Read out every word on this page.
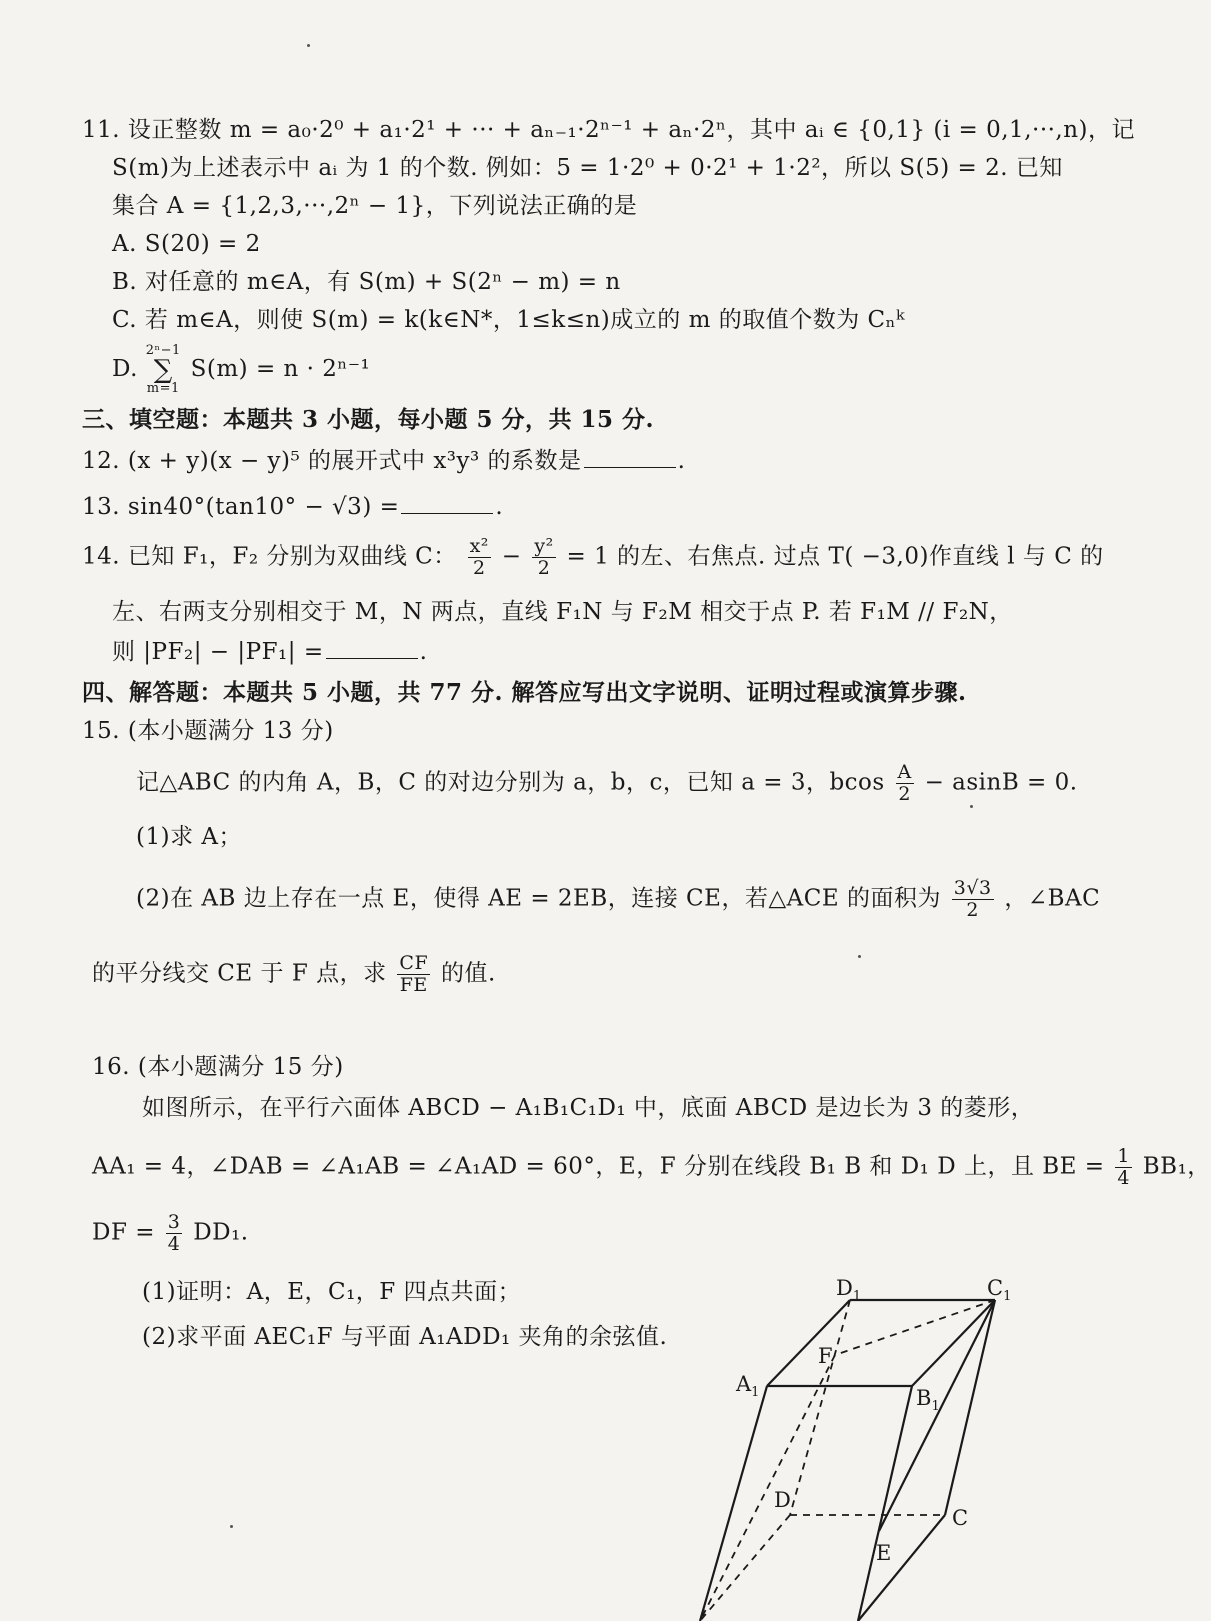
11. 设正整数 m = a₀·2⁰ + a₁·2¹ + ··· + aₙ₋₁·2ⁿ⁻¹ + aₙ·2ⁿ，其中 aᵢ ∈ {0,1} (i = 0,1,···,n)，记
S(m)为上述表示中 aᵢ 为 1 的个数. 例如：5 = 1·2⁰ + 0·2¹ + 1·2²，所以 S(5) = 2. 已知
集合 A = {1,2,3,···,2ⁿ − 1}，下列说法正确的是
A. S(20) = 2
B. 对任意的 m∈A，有 S(m) + S(2ⁿ − m) = n
C. 若 m∈A，则使 S(m) = k(k∈N*，1≤k≤n)成立的 m 的取值个数为 Cₙᵏ
D.
2ⁿ−1
∑
m=1
S(m) = n · 2ⁿ⁻¹
三、填空题：本题共 3 小题，每小题 5 分，共 15 分.
12. (x + y)(x − y)⁵ 的展开式中 x³y³ 的系数是	.
13. sin40°(tan10° − √3) =	.
14. 已知 F₁，F₂ 分别为双曲线 C： $\frac{\text{x²}}{2} - \frac{\text{y²}}{2} = 1$ 的左、右焦点. 过点 T( −3,0)作直线 l 与 C 的
左、右两支分别相交于 M，N 两点，直线 F₁N 与 F₂M 相交于点 P. 若 F₁M // F₂N，
则 |PF₂| − |PF₁| =	.
四、解答题：本题共 5 小题，共 77 分. 解答应写出文字说明、证明过程或演算步骤.
15. (本小题满分 13 分)
记△ABC 的内角 A，B，C 的对边分别为 a，b，c，已知 a = 3，bcos $\frac{A}{2} - asinB = 0$.
(1)求 A；
(2)在 AB 边上存在一点 E，使得 AE = 2EB，连接 CE，若△ACE 的面积为 $\frac{3√3}{2}$ ，∠BAC
的平分线交 CE 于 F 点，求 $\frac{CF}{FE}$ 的值.
16. (本小题满分 15 分)
如图所示，在平行六面体 ABCD − A₁B₁C₁D₁ 中，底面 ABCD 是边长为 3 的菱形，
AA₁ = 4，∠DAB = ∠A₁AB = ∠A₁AD = 60°，E，F 分别在线段 B₁ B 和 D₁ D 上，且 BE = $\frac{1}{4} BB_1$，
DF = $\frac{3}{4} DD_1$.
(1)证明：A，E，C₁，F 四点共面；
(2)求平面 AEC₁F 与平面 A₁ADD₁ 夹角的余弦值.
$D_1$	$C_1$
F
$A_1$	$B_1$
D
C
E
